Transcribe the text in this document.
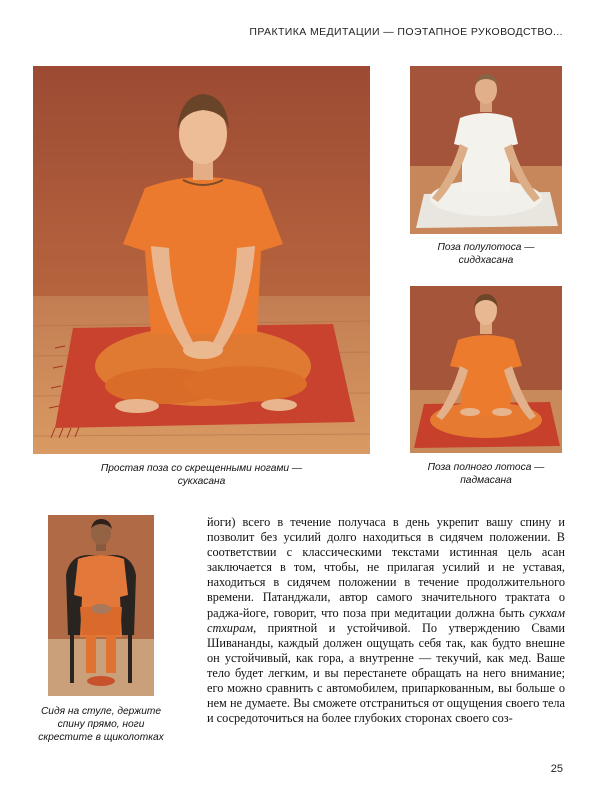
ПРАКТИКА МЕДИТАЦИИ — ПОЭТАПНОЕ РУКОВОДСТВО...
Простая поза со скрещенными ногами —
сукхасана
Поза полулотоса —
сиддхасана
Поза полного лотоса —
падмасана
Сидя на стуле, держите
спину прямо, ноги
скрестите в щиколотках
йоги) всего в течение получаса в день укрепит вашу спину и позволит без усилий долго находиться в сидячем положении. В соответствии с классическими текстами истинная цель асан заключается в том, чтобы, не прилагая усилий и не уставая, находиться в сидячем положении в течение продолжительного времени. Патанджали, автор самого значительного трактата о раджа-йоге, говорит, что поза при медитации должна быть сукхам стхирам, приятной и устойчивой. По утверждению Свами Шивананды, каждый должен ощущать себя так, как будто внешне он устойчивый, как гора, а внутренне — текучий, как мед. Ваше тело будет легким, и вы перестанете обращать на него внимание; его можно сравнить с автомобилем, припаркованным, вы больше о нем не думаете. Вы сможете отстраниться от ощущения своего тела и сосредоточиться на более глубоких сторонах своего соз-
25
